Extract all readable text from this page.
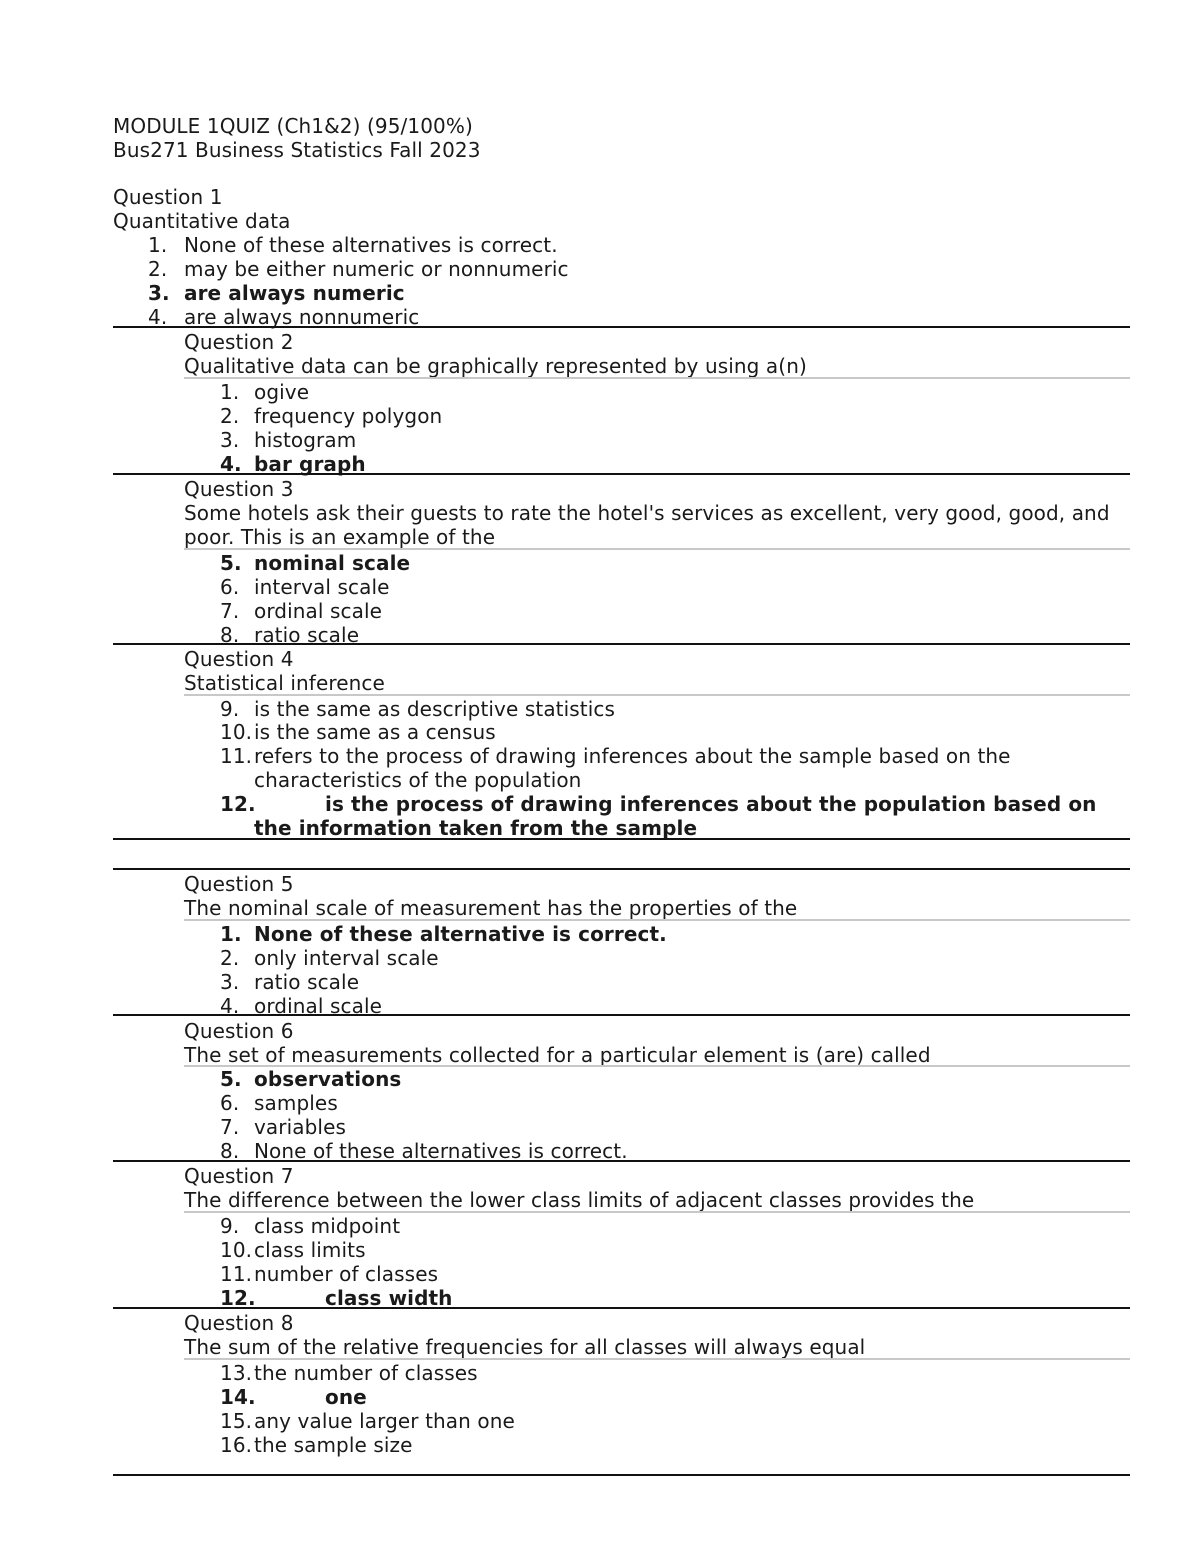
MODULE 1QUIZ (Ch1&2) (95/100%)
Bus271 Business Statistics Fall 2023
Question 1
Quantitative data
1. None of these alternatives is correct.
2. may be either numeric or nonnumeric
3. are always numeric
4. are always nonnumeric
Question 2
Qualitative data can be graphically represented by using a(n)
1. ogive
2. frequency polygon
3. histogram
4. bar graph
Question 3
Some hotels ask their guests to rate the hotel's services as excellent, very good, good, and
poor. This is an example of the
5. nominal scale
6. interval scale
7. ordinal scale
8. ratio scale
Question 4
Statistical inference
9. is the same as descriptive statistics
10. is the same as a census
11. refers to the process of drawing inferences about the sample based on the
characteristics of the population
12.	is the process of drawing inferences about the population based on
the information taken from the sample
Question 5
The nominal scale of measurement has the properties of the
1. None of these alternative is correct.
2. only interval scale
3. ratio scale
4. ordinal scale
Question 6
The set of measurements collected for a particular element is (are) called
5. observations
6. samples
7. variables
8. None of these alternatives is correct.
Question 7
The difference between the lower class limits of adjacent classes provides the
9. class midpoint
10. class limits
11. number of classes
12.	class width
Question 8
The sum of the relative frequencies for all classes will always equal
13. the number of classes
14.	one
15. any value larger than one
16. the sample size
